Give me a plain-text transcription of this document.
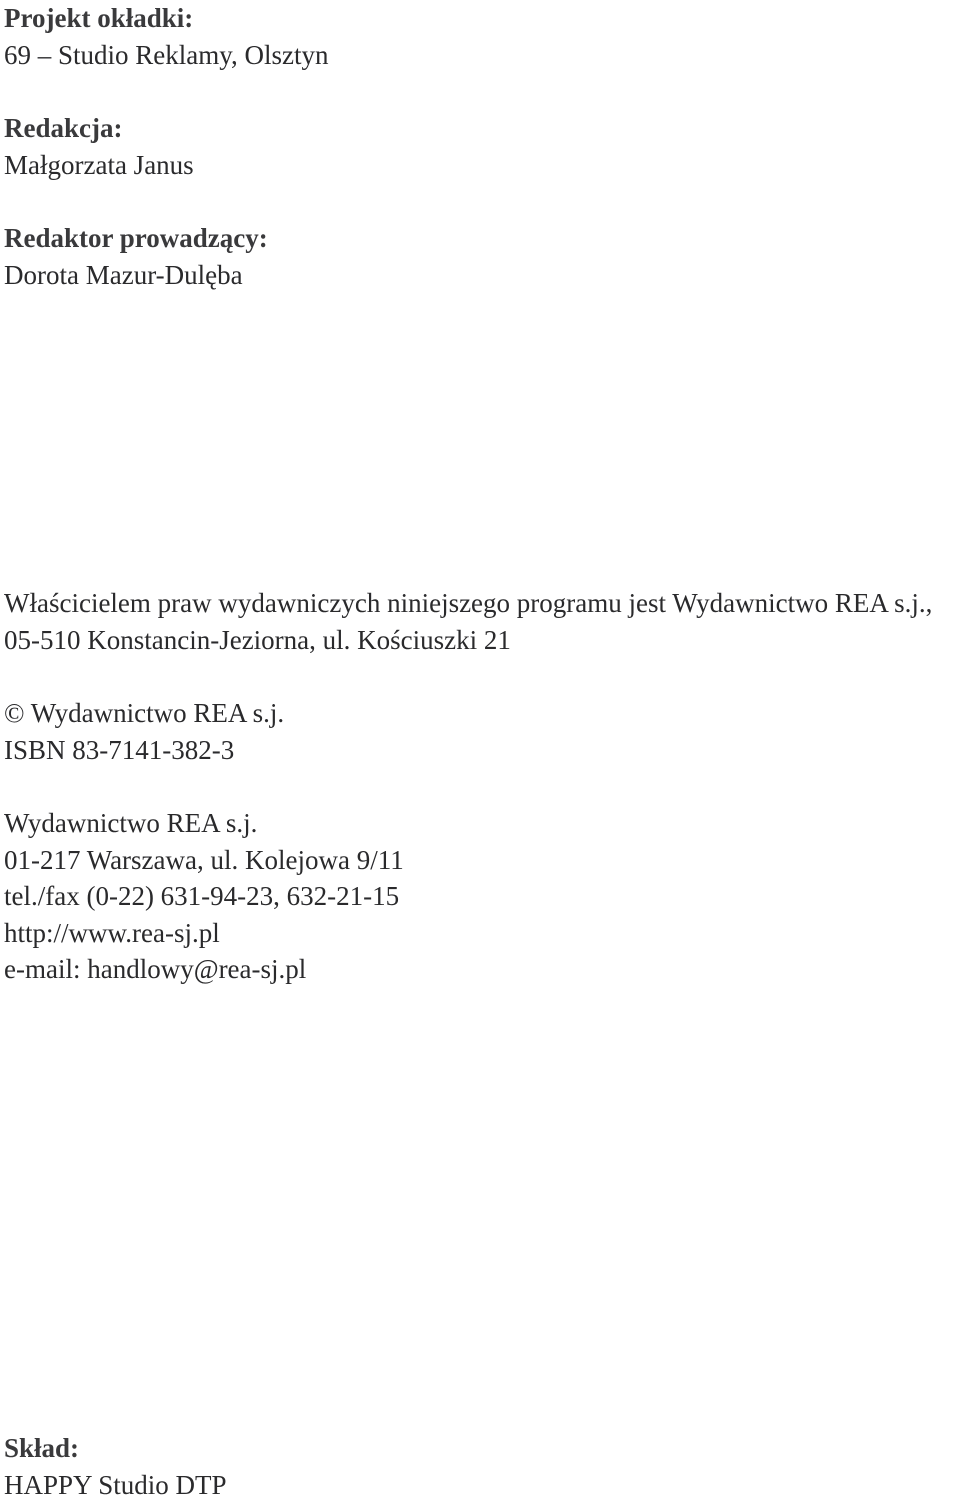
Projekt okładki:
69 – Studio Reklamy, Olsztyn
Redakcja:
Małgorzata Janus
Redaktor prowadzący:
Dorota Mazur-Dulęba
Właścicielem praw wydawniczych niniejszego programu jest Wydawnictwo REA s.j.,
05-510 Konstancin-Jeziorna, ul. Kościuszki 21
© Wydawnictwo REA s.j.
ISBN 83-7141-382-3
Wydawnictwo REA s.j.
01-217 Warszawa, ul. Kolejowa 9/11
tel./fax (0-22) 631-94-23, 632-21-15
http://www.rea-sj.pl
e-mail: handlowy@rea-sj.pl
Skład:
HAPPY Studio DTP
